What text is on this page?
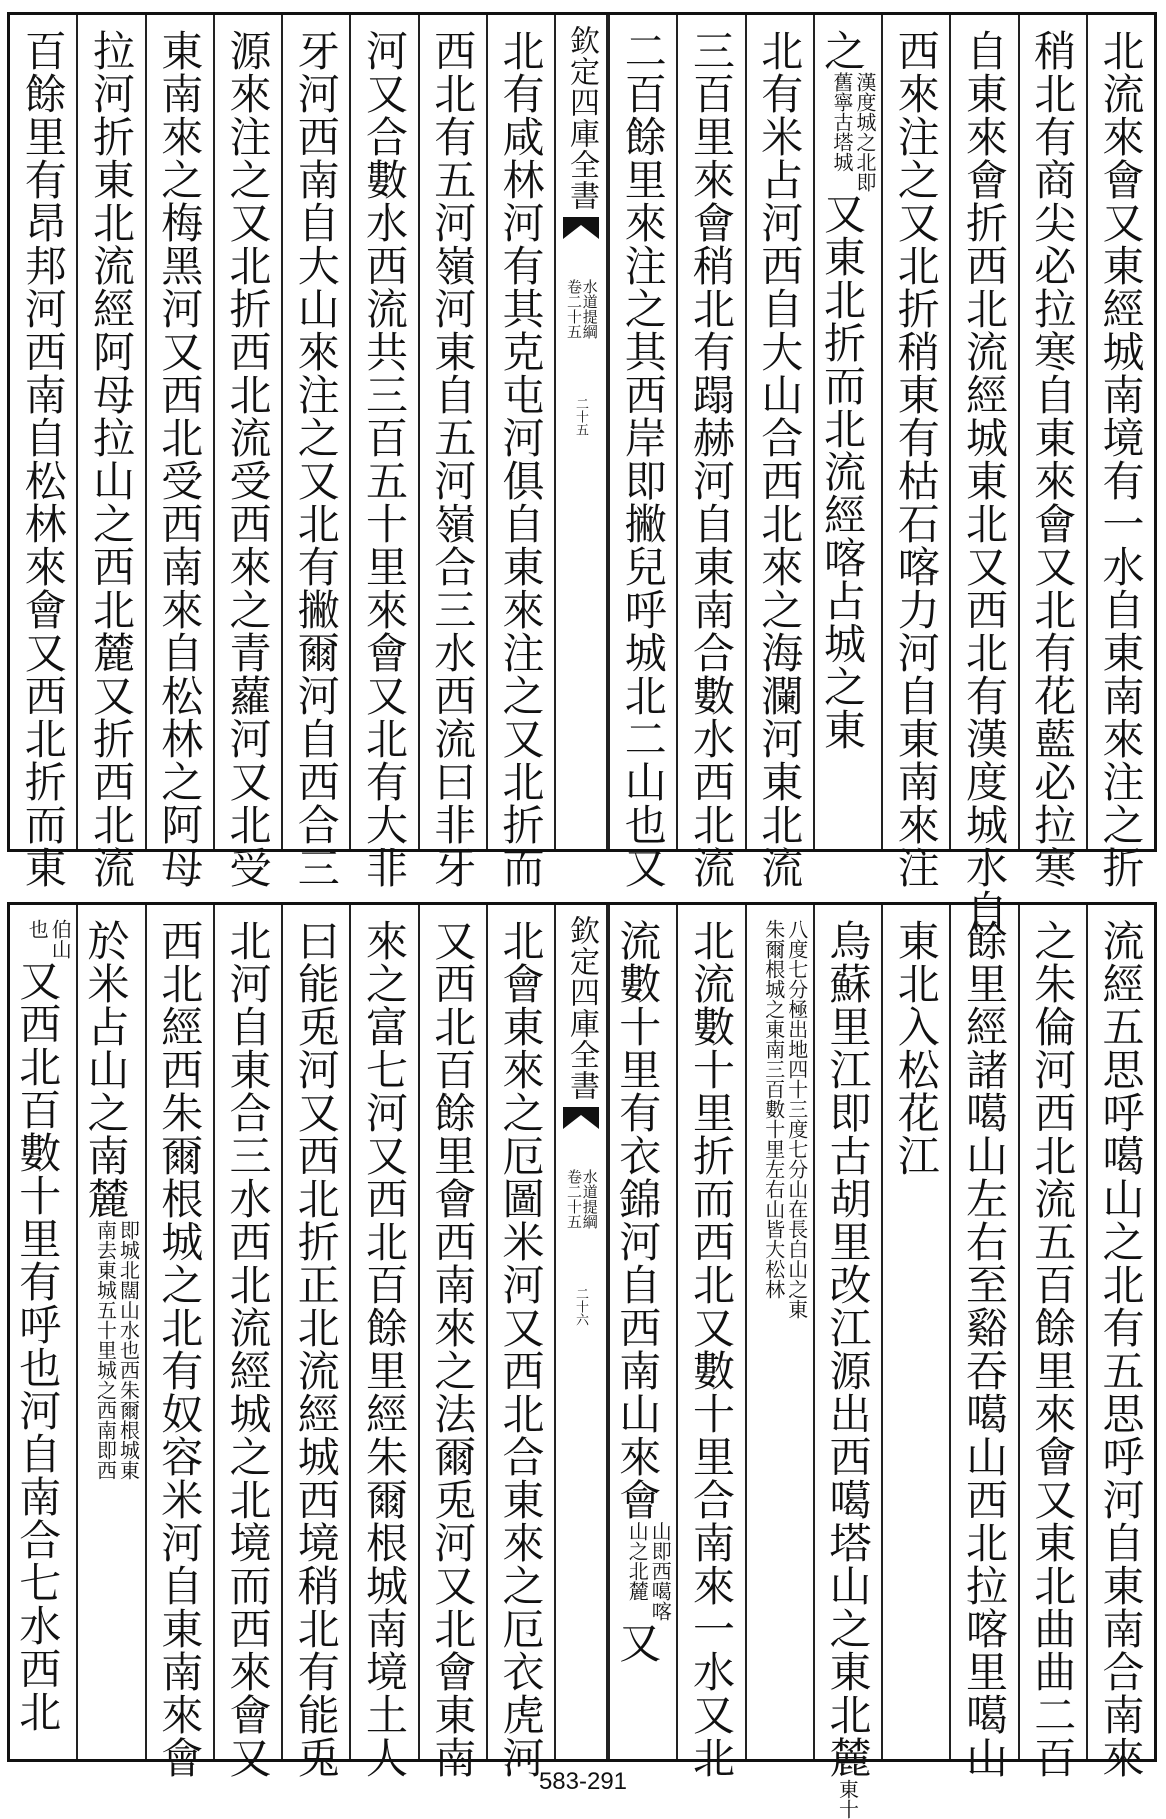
北流來會又東經城南境有一水自東南來注之折
稍北有商尖必拉寒自東來會又北有花藍必拉寒
自東來會折西北流經城東北又西北有漢度城水自
西來注之又北折稍東有枯石喀力河自東南來注
之
漢度城之北即
舊寧古塔城
又東北折而北流經喀占城之東
北有米占河西自大山合西北來之海瀾河東北流
三百里來會稍北有蹋赫河自東南合數水西北流
二百餘里來注之其西岸即撇兒呼城北二山也又
欽定四庫全書
水道提綱
卷二十五
二十五
北有咸林河有其克屯河俱自東來注之又北折而
西北有五河嶺河東自五河嶺合三水西流曰非牙
河又合數水西流共三百五十里來會又北有大非
牙河西南自大山來注之又北有撇爾河自西合三
源來注之又北折西北流受西來之青蘿河又北受
東南來之梅黑河又西北受西南來自松林之阿母
拉河折東北流經阿母拉山之西北麓又折西北流
百餘里有昂邦河西南自松林來會又西北折而東
流經五思呼噶山之北有五思呼河自東南合南來
之朱倫河西北流五百餘里來會又東北曲曲二百
餘里經諸噶山左右至谿吞噶山西北拉喀里噶山
東北入松花江
烏蘇里江即古胡里改江源出西噶塔山之東北麓
東十
八度七分極出地四十三度七分山在長白山之東
朱爾根城之東南三百數十里左右山皆大松林
北流數十里折而西北又數十里合南來一水又北
流數十里有衣錦河自西南山來會
山即西噶喀
山之北麓
又
欽定四庫全書
水道提綱
卷二十五
二十六
北會東來之厄圖米河又西北合東來之厄衣虎河
又西北百餘里會西南來之法爾兎河又北會東南
來之富七河又西北百餘里經朱爾根城南境土人
曰能兎河又西北折正北流經城西境稍北有能兎
北河自東合三水西北流經城之北境而西來會又
西北經西朱爾根城之北有奴容米河自東南來會
於米占山之南麓
即城北闊山水也西朱爾根城東
南去東城五十里城之西南即西
伯山
也
又西北百數十里有呼也河自南合七水西北
583-291
